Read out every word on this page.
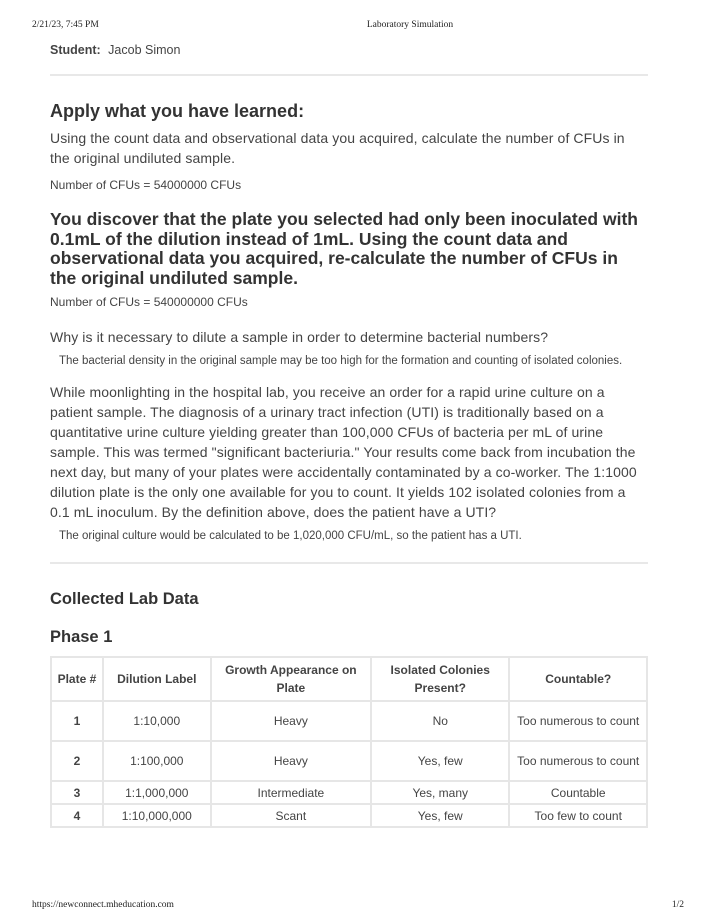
2/21/23, 7:45 PM	Laboratory Simulation
Student: Jacob Simon
Apply what you have learned:

Using the count data and observational data you acquired, calculate the number of CFUs in the original undiluted sample.

Number of CFUs = 54000000 CFUs

You discover that the plate you selected had only been inoculated with 0.1mL of the dilution instead of 1mL. Using the count data and observational data you acquired, re-calculate the number of CFUs in the original undiluted sample.

Number of CFUs = 540000000 CFUs

Why is it necessary to dilute a sample in order to determine bacterial numbers?

The bacterial density in the original sample may be too high for the formation and counting of isolated colonies.

While moonlighting in the hospital lab, you receive an order for a rapid urine culture on a patient sample. The diagnosis of a urinary tract infection (UTI) is traditionally based on a quantitative urine culture yielding greater than 100,000 CFUs of bacteria per mL of urine sample. This was termed "significant bacteriuria." Your results come back from incubation the next day, but many of your plates were accidentally contaminated by a co-worker. The 1:1000 dilution plate is the only one available for you to count. It yields 102 isolated colonies from a 0.1 mL inoculum. By the definition above, does the patient have a UTI?

The original culture would be calculated to be 1,020,000 CFU/mL, so the patient has a UTI.

Collected Lab Data
Phase 1
Plate #	Dilution Label	Growth Appearance on Plate	Isolated Colonies Present?	Countable?
1	1:10,000	Heavy	No	Too numerous to count
2	1:100,000	Heavy	Yes, few	Too numerous to count
3	1:1,000,000	Intermediate	Yes, many	Countable
4	1:10,000,000	Scant	Yes, few	Too few to count
https://newconnect.mheducation.com	1/2
